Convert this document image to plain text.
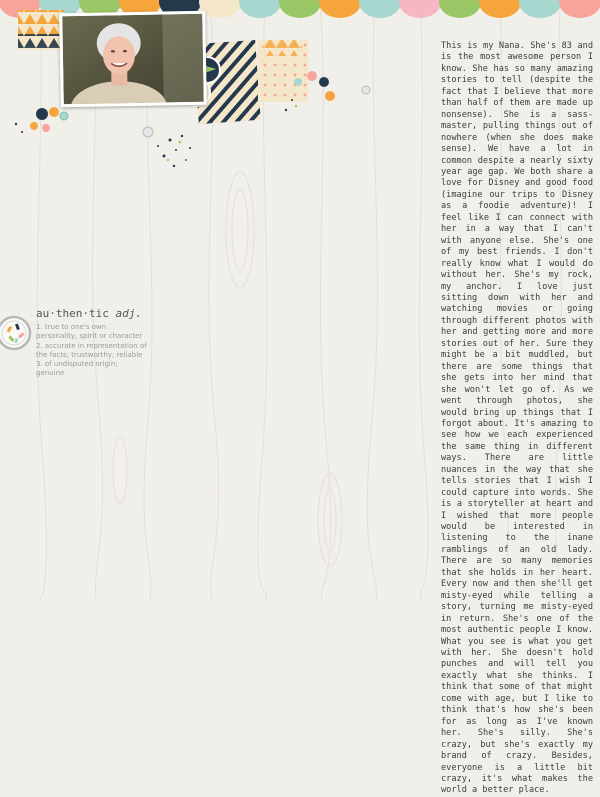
This is my Nana. She's 83 and is the most awesome person I know. She has so many amazing stories to tell (despite the fact that I believe that more than half of them are made up nonsense). She is a sass-master, pulling things out of nowhere (when she does make sense). We have a lot in common despite a nearly sixty year age gap. We both share a love for Disney and good food (imagine our trips to Disney as a foodie adventure)! I feel like I can connect with her in a way that I can't with anyone else. She's one of my best friends. I don't really know what I would do without her. She's my rock, my anchor. I love just sitting down with her and watching movies or going through different photos with her and getting more and more stories out of her. Sure they might be a bit muddled, but there are some things that she gets into her mind that she won't let go of. As we went through photos, she would bring up things that I forgot about. It's amazing to see how we each experienced the same thing in different ways. There are little nuances in the way that she tells stories that I wish I could capture into words. She is a storyteller at heart and I wished that more people would be interested in listening to the inane ramblings of an old lady. There are so many memories that she holds in her heart. Every now and then she'll get misty-eyed while telling a story, turning me misty-eyed in return. She's one of the most authentic people I know. What you see is what you get with her. She doesn't hold punches and will tell you exactly what she thinks. I think that some of that might come with age, but I like to think that's how she's been for as long as I've known her. She's silly. She's crazy, but she's exactly my brand of crazy. Besides, everyone is a little bit crazy, it's what makes the world a better place.

au·then·tic adj.

1. true to one's own personality, spirit or character 2. accurate in representation of the facts; trustworthy; reliable 3. of undisputed origin; genuine
